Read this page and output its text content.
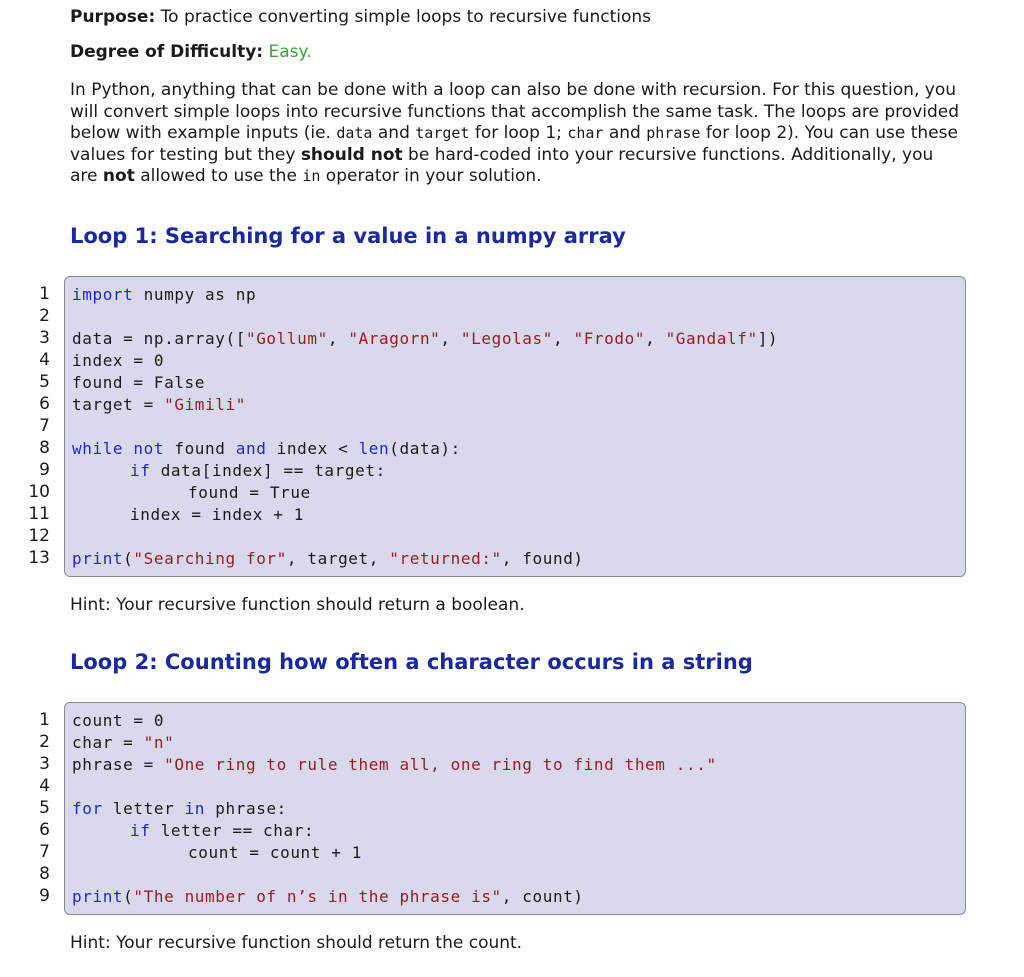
Purpose: To practice converting simple loops to recursive functions
Degree of Difficulty: Easy.
In Python, anything that can be done with a loop can also be done with recursion. For this question, you will convert simple loops into recursive functions that accomplish the same task. The loops are provided below with example inputs (ie. data and target for loop 1; char and phrase for loop 2). You can use these values for testing but they should not be hard-coded into your recursive functions. Additionally, you are not allowed to use the in operator in your solution.
Loop 1: Searching for a value in a numpy array
1
2
3
4
5
6
7
8
9
10
11
12
13
import numpy as np
data = np.array(["Gollum", "Aragorn", "Legolas", "Frodo", "Gandalf"])
index = 0
found = False
target = "Gimili"
while not found and index < len(data):
if data[index] == target:
found = True
index = index + 1
print("Searching for", target, "returned:", found)
Hint: Your recursive function should return a boolean.
Loop 2: Counting how often a character occurs in a string
1
2
3
4
5
6
7
8
9
count = 0
char = "n"
phrase = "One ring to rule them all, one ring to find them ..."
for letter in phrase:
if letter == char:
count = count + 1
print("The number of n’s in the phrase is", count)
Hint: Your recursive function should return the count.
